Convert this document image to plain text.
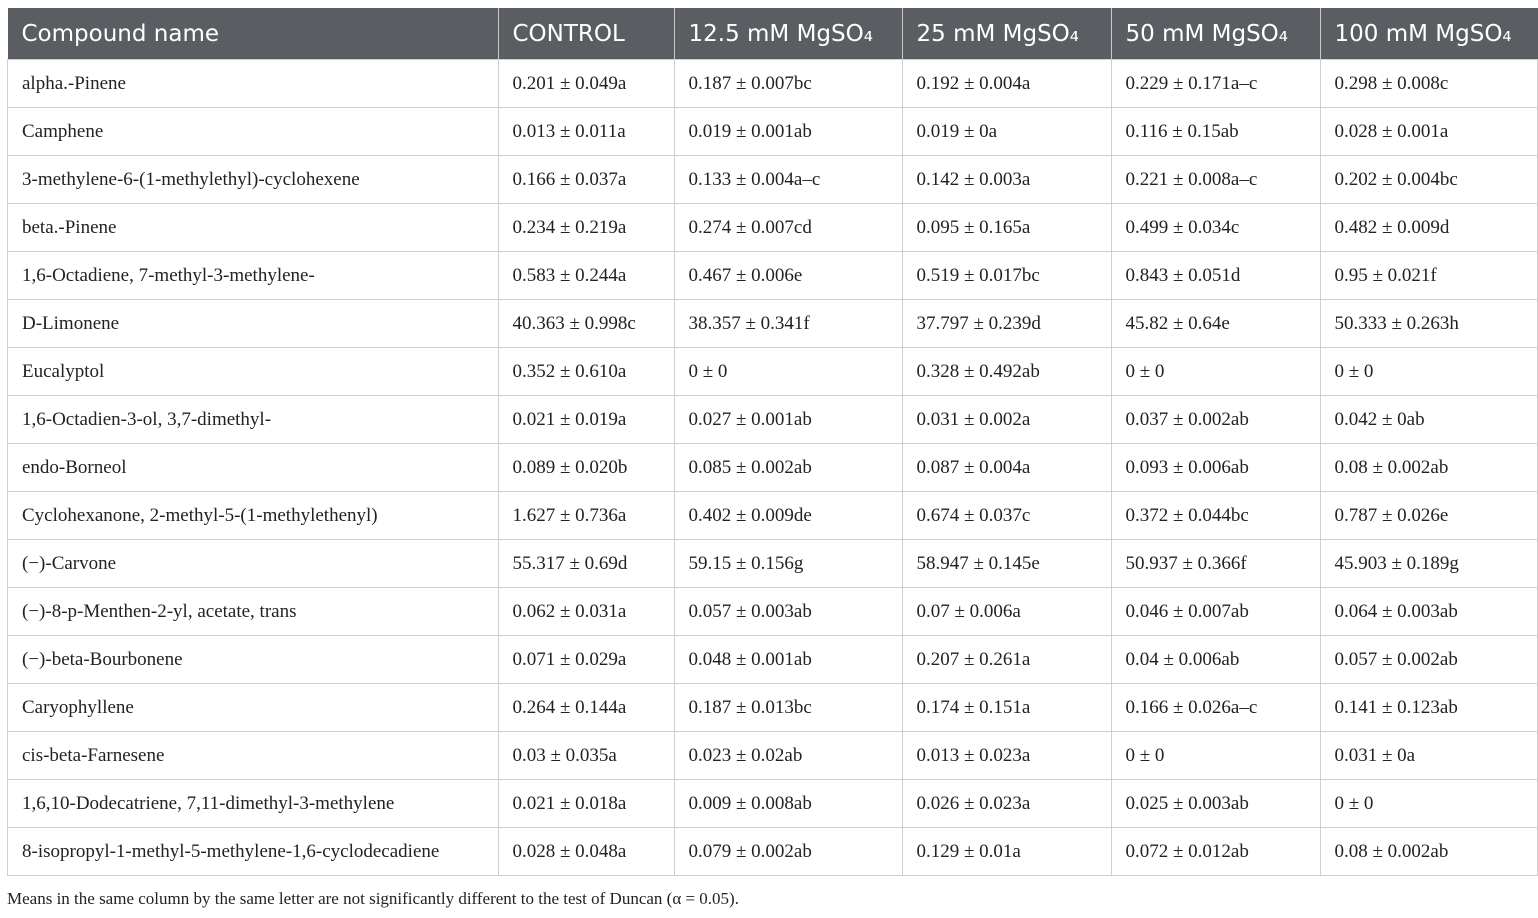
Compound name	CONTROL	12.5 mM MgSO₄	25 mM MgSO₄	50 mM MgSO₄	100 mM MgSO₄
alpha.-Pinene	0.201 ± 0.049a	0.187 ± 0.007bc	0.192 ± 0.004a	0.229 ± 0.171a–c	0.298 ± 0.008c
Camphene	0.013 ± 0.011a	0.019 ± 0.001ab	0.019 ± 0a	0.116 ± 0.15ab	0.028 ± 0.001a
3-methylene-6-(1-methylethyl)-cyclohexene	0.166 ± 0.037a	0.133 ± 0.004a–c	0.142 ± 0.003a	0.221 ± 0.008a–c	0.202 ± 0.004bc
beta.-Pinene	0.234 ± 0.219a	0.274 ± 0.007cd	0.095 ± 0.165a	0.499 ± 0.034c	0.482 ± 0.009d
1,6-Octadiene, 7-methyl-3-methylene-	0.583 ± 0.244a	0.467 ± 0.006e	0.519 ± 0.017bc	0.843 ± 0.051d	0.95 ± 0.021f
D-Limonene	40.363 ± 0.998c	38.357 ± 0.341f	37.797 ± 0.239d	45.82 ± 0.64e	50.333 ± 0.263h
Eucalyptol	0.352 ± 0.610a	0 ± 0	0.328 ± 0.492ab	0 ± 0	0 ± 0
1,6-Octadien-3-ol, 3,7-dimethyl-	0.021 ± 0.019a	0.027 ± 0.001ab	0.031 ± 0.002a	0.037 ± 0.002ab	0.042 ± 0ab
endo-Borneol	0.089 ± 0.020b	0.085 ± 0.002ab	0.087 ± 0.004a	0.093 ± 0.006ab	0.08 ± 0.002ab
Cyclohexanone, 2-methyl-5-(1-methylethenyl)	1.627 ± 0.736a	0.402 ± 0.009de	0.674 ± 0.037c	0.372 ± 0.044bc	0.787 ± 0.026e
(−)-Carvone	55.317 ± 0.69d	59.15 ± 0.156g	58.947 ± 0.145e	50.937 ± 0.366f	45.903 ± 0.189g
(−)-8-p-Menthen-2-yl, acetate, trans	0.062 ± 0.031a	0.057 ± 0.003ab	0.07 ± 0.006a	0.046 ± 0.007ab	0.064 ± 0.003ab
(−)-beta-Bourbonene	0.071 ± 0.029a	0.048 ± 0.001ab	0.207 ± 0.261a	0.04 ± 0.006ab	0.057 ± 0.002ab
Caryophyllene	0.264 ± 0.144a	0.187 ± 0.013bc	0.174 ± 0.151a	0.166 ± 0.026a–c	0.141 ± 0.123ab
cis-beta-Farnesene	0.03 ± 0.035a	0.023 ± 0.02ab	0.013 ± 0.023a	0 ± 0	0.031 ± 0a
1,6,10-Dodecatriene, 7,11-dimethyl-3-methylene	0.021 ± 0.018a	0.009 ± 0.008ab	0.026 ± 0.023a	0.025 ± 0.003ab	0 ± 0
8-isopropyl-1-methyl-5-methylene-1,6-cyclodecadiene	0.028 ± 0.048a	0.079 ± 0.002ab	0.129 ± 0.01a	0.072 ± 0.012ab	0.08 ± 0.002ab
Means in the same column by the same letter are not significantly different to the test of Duncan (α = 0.05).
